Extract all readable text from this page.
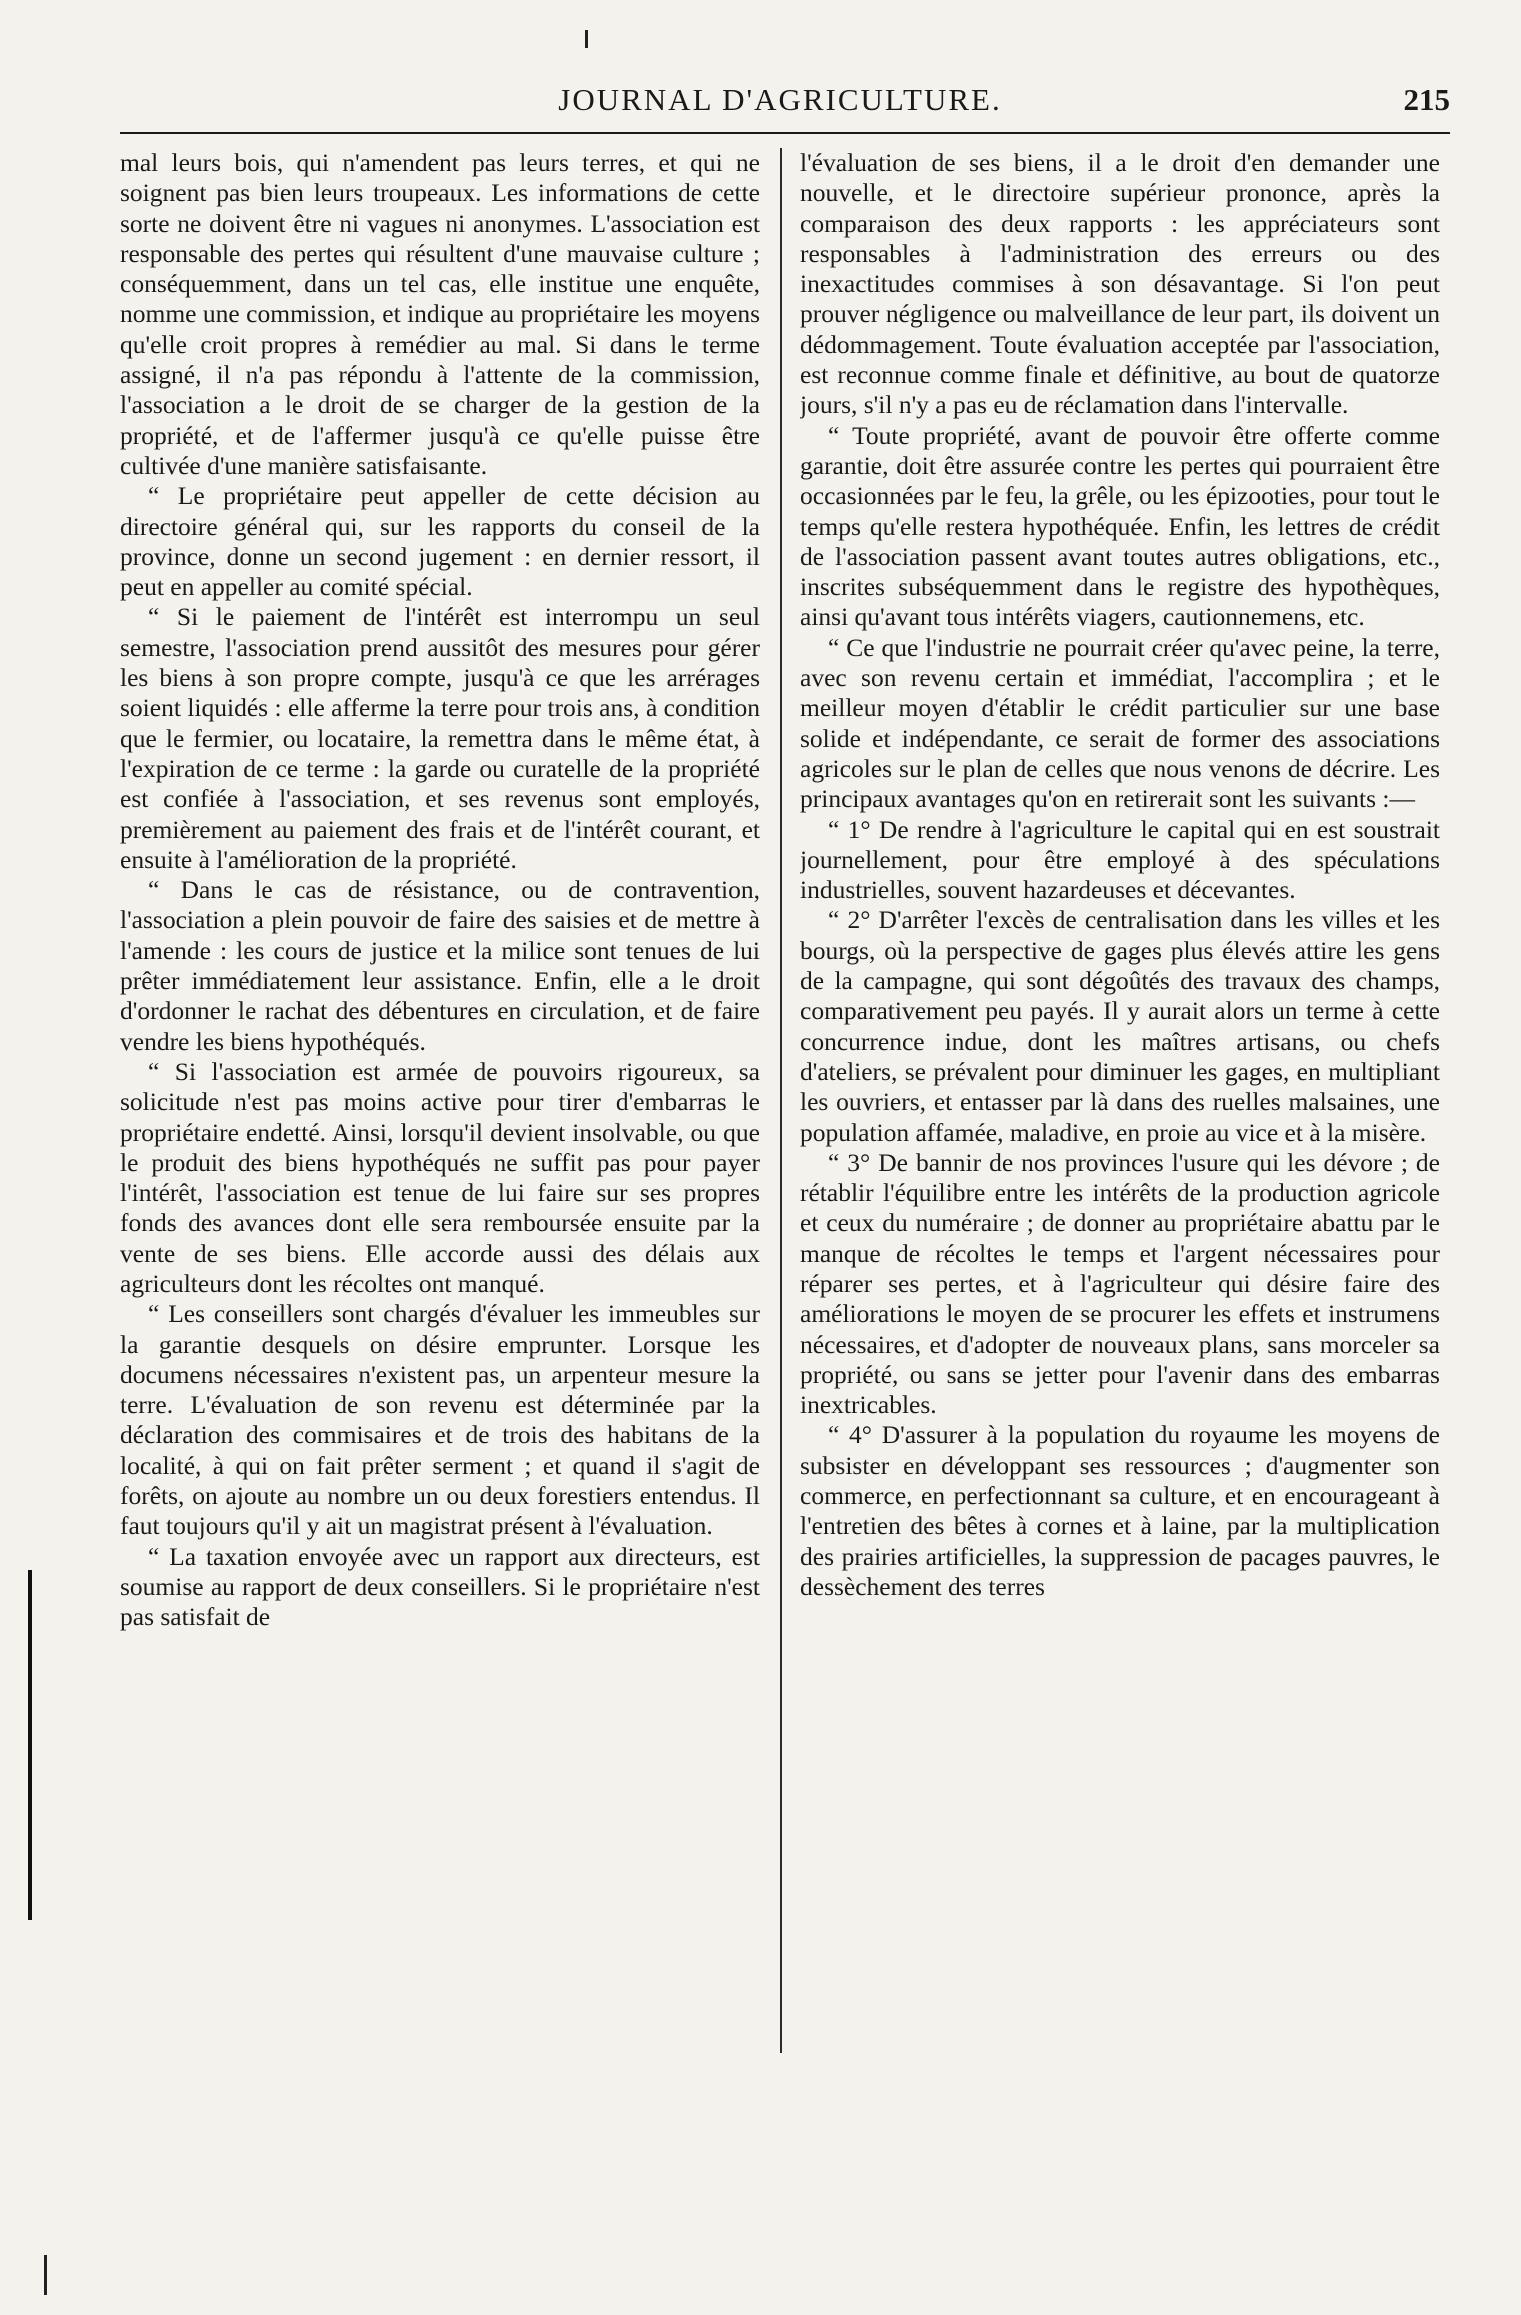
JOURNAL D'AGRICULTURE.	215

mal leurs bois, qui n'amendent pas leurs terres, et qui ne soignent pas bien leurs troupeaux. Les informations de cette sorte ne doivent être ni vagues ni anonymes. L'association est responsable des pertes qui résultent d'une mauvaise culture ; conséquemment, dans un tel cas, elle institue une enquête, nomme une commission, et indique au propriétaire les moyens qu'elle croit propres à remédier au mal. Si dans le terme assigné, il n'a pas répondu à l'attente de la commission, l'association a le droit de se charger de la gestion de la propriété, et de l'affermer jusqu'à ce qu'elle puisse être cultivée d'une manière satisfaisante.

“ Le propriétaire peut appeller de cette décision au directoire général qui, sur les rapports du conseil de la province, donne un second jugement : en dernier ressort, il peut en appeller au comité spécial.

“ Si le paiement de l'intérêt est interrompu un seul semestre, l'association prend aussitôt des mesures pour gérer les biens à son propre compte, jusqu'à ce que les arrérages soient liquidés : elle afferme la terre pour trois ans, à condition que le fermier, ou locataire, la remettra dans le même état, à l'expiration de ce terme : la garde ou curatelle de la propriété est confiée à l'association, et ses revenus sont employés, premièrement au paiement des frais et de l'intérêt courant, et ensuite à l'amélioration de la propriété.

“ Dans le cas de résistance, ou de contravention, l'association a plein pouvoir de faire des saisies et de mettre à l'amende : les cours de justice et la milice sont tenues de lui prêter immédiatement leur assistance. Enfin, elle a le droit d'ordonner le rachat des débentures en circulation, et de faire vendre les biens hypothéqués.

“ Si l'association est armée de pouvoirs rigoureux, sa solicitude n'est pas moins active pour tirer d'embarras le propriétaire endetté. Ainsi, lorsqu'il devient insolvable, ou que le produit des biens hypothéqués ne suffit pas pour payer l'intérêt, l'association est tenue de lui faire sur ses propres fonds des avances dont elle sera remboursée ensuite par la vente de ses biens. Elle accorde aussi des délais aux agriculteurs dont les récoltes ont manqué.

“ Les conseillers sont chargés d'évaluer les immeubles sur la garantie desquels on désire emprunter. Lorsque les documens nécessaires n'existent pas, un arpenteur mesure la terre. L'évaluation de son revenu est déterminée par la déclaration des commisaires et de trois des habitans de la localité, à qui on fait prêter serment ; et quand il s'agit de forêts, on ajoute au nombre un ou deux forestiers entendus. Il faut toujours qu'il y ait un magistrat présent à l'évaluation.

“ La taxation envoyée avec un rapport aux directeurs, est soumise au rapport de deux conseillers. Si le propriétaire n'est pas satisfait de

l'évaluation de ses biens, il a le droit d'en demander une nouvelle, et le directoire supérieur prononce, après la comparaison des deux rapports : les appréciateurs sont responsables à l'administration des erreurs ou des inexactitudes commises à son désavantage. Si l'on peut prouver négligence ou malveillance de leur part, ils doivent un dédommagement. Toute évaluation acceptée par l'association, est reconnue comme finale et définitive, au bout de quatorze jours, s'il n'y a pas eu de réclamation dans l'intervalle.

“ Toute propriété, avant de pouvoir être offerte comme garantie, doit être assurée contre les pertes qui pourraient être occasionnées par le feu, la grêle, ou les épizooties, pour tout le temps qu'elle restera hypothéquée. Enfin, les lettres de crédit de l'association passent avant toutes autres obligations, etc., inscrites subséquemment dans le registre des hypothèques, ainsi qu'avant tous intérêts viagers, cautionnemens, etc.

“ Ce que l'industrie ne pourrait créer qu'avec peine, la terre, avec son revenu certain et immédiat, l'accomplira ; et le meilleur moyen d'établir le crédit particulier sur une base solide et indépendante, ce serait de former des associations agricoles sur le plan de celles que nous venons de décrire. Les principaux avantages qu'on en retirerait sont les suivants :—

“ 1° De rendre à l'agriculture le capital qui en est soustrait journellement, pour être employé à des spéculations industrielles, souvent hazardeuses et décevantes.

“ 2° D'arrêter l'excès de centralisation dans les villes et les bourgs, où la perspective de gages plus élevés attire les gens de la campagne, qui sont dégoûtés des travaux des champs, comparativement peu payés. Il y aurait alors un terme à cette concurrence indue, dont les maîtres artisans, ou chefs d'ateliers, se prévalent pour diminuer les gages, en multipliant les ouvriers, et entasser par là dans des ruelles malsaines, une population affamée, maladive, en proie au vice et à la misère.

“ 3° De bannir de nos provinces l'usure qui les dévore ; de rétablir l'équilibre entre les intérêts de la production agricole et ceux du numéraire ; de donner au propriétaire abattu par le manque de récoltes le temps et l'argent nécessaires pour réparer ses pertes, et à l'agriculteur qui désire faire des améliorations le moyen de se procurer les effets et instrumens nécessaires, et d'adopter de nouveaux plans, sans morceler sa propriété, ou sans se jetter pour l'avenir dans des embarras inextricables.

“ 4° D'assurer à la population du royaume les moyens de subsister en développant ses ressources ; d'augmenter son commerce, en perfectionnant sa culture, et en encourageant à l'entretien des bêtes à cornes et à laine, par la multiplication des prairies artificielles, la suppression de pacages pauvres, le dessèchement des terres
